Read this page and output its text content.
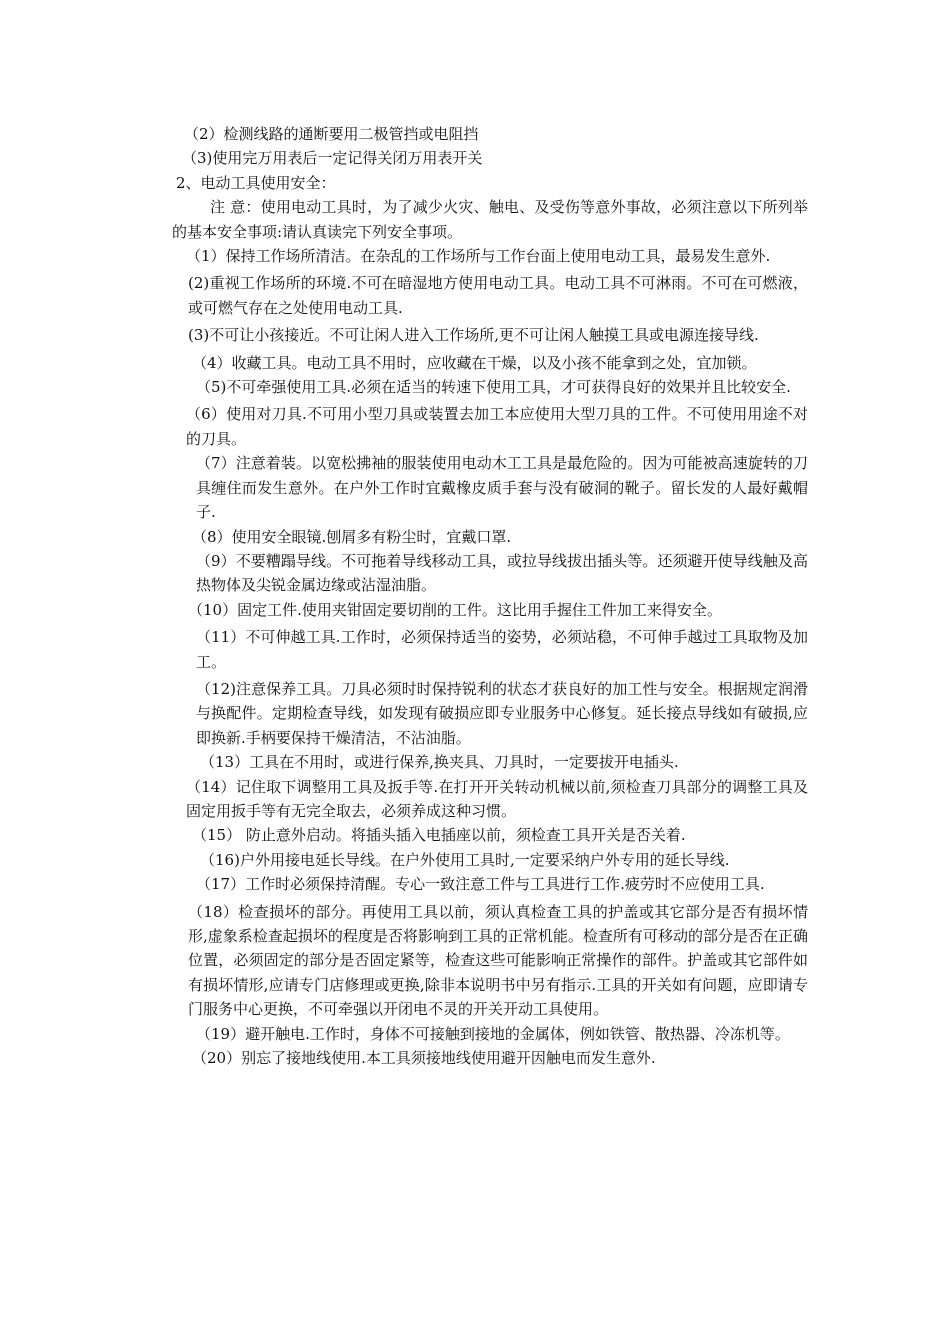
（2）检测线路的通断要用二极管挡或电阻挡

（3)使用完万用表后一定记得关闭万用表开关

2、电动工具使用安全：

注 意：使用电动工具时，为了减少火灾、触电、及受伤等意外事故，必须注意以下所列举的基本安全事项:请认真读完下列安全事项。

（1）保持工作场所清洁。在杂乱的工作场所与工作台面上使用电动工具，最易发生意外.

(2)重视工作场所的环境.不可在暗湿地方使用电动工具。电动工具不可淋雨。不可在可燃液，或可燃气存在之处使用电动工具.

(3)不可让小孩接近。不可让闲人进入工作场所,更不可让闲人触摸工具或电源连接导线.

（4）收藏工具。电动工具不用时，应收藏在干燥，以及小孩不能拿到之处，宜加锁。

（5)不可牵强使用工具.必须在适当的转速下使用工具，才可获得良好的效果并且比较安全.

（6）使用对刀具.不可用小型刀具或装置去加工本应使用大型刀具的工件。不可使用用途不对的刀具。

（7）注意着装。以宽松拂袖的服装使用电动木工工具是最危险的。因为可能被高速旋转的刀具缠住而发生意外。在户外工作时宜戴橡皮质手套与没有破洞的靴子。留长发的人最好戴帽子.

（8）使用安全眼镜.刨屑多有粉尘时，宜戴口罩.

（9）不要糟蹋导线。不可拖着导线移动工具，或拉导线拔出插头等。还须避开使导线触及高热物体及尖锐金属边缘或沾湿油脂。

（10）固定工件.使用夹钳固定要切削的工件。这比用手握住工件加工来得安全。

（11）不可伸越工具.工作时，必须保持适当的姿势，必须站稳，不可伸手越过工具取物及加工。

（12)注意保养工具。刀具必须时时保持锐利的状态才获良好的加工性与安全。根据规定润滑与换配件。定期检查导线，如发现有破损应即专业服务中心修复。延长接点导线如有破损,应即换新.手柄要保持干燥清洁，不沾油脂。

（13）工具在不用时，或进行保养,换夹具、刀具时，一定要拔开电插头.

（14）记住取下调整用工具及扳手等.在打开开关转动机械以前,须检查刀具部分的调整工具及固定用扳手等有无完全取去，必须养成这种习惯。

（15） 防止意外启动。将插头插入电插座以前，须检查工具开关是否关着.

（16)户外用接电延长导线。在户外使用工具时,一定要采纳户外专用的延长导线.

（17）工作时必须保持清醒。专心一致注意工件与工具进行工作.疲劳时不应使用工具.

（18）检查损坏的部分。再使用工具以前，须认真检查工具的护盖或其它部分是否有损坏情形,虚象系检查起损坏的程度是否将影响到工具的正常机能。检查所有可移动的部分是否在正确位置，必须固定的部分是否固定紧等，检查这些可能影响正常操作的部件。护盖或其它部件如有损坏情形,应请专门店修理或更换,除非本说明书中另有指示.工具的开关如有问题，应即请专门服务中心更换，不可牵强以开闭电不灵的开关开动工具使用。

（19）避开触电.工作时，身体不可接触到接地的金属体，例如铁管、散热器、冷冻机等。

（20）别忘了接地线使用.本工具须接地线使用避开因触电而发生意外.
